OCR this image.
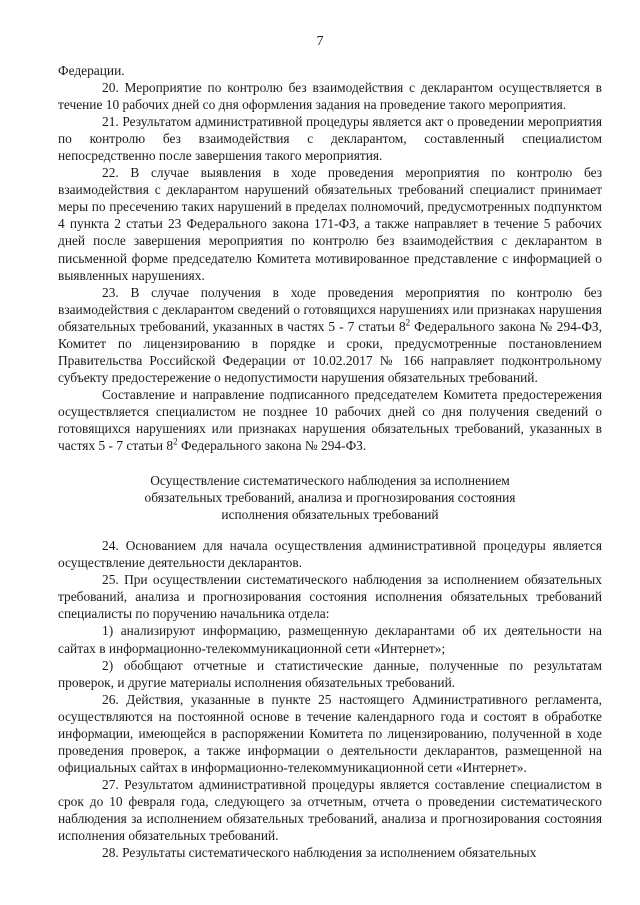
7

Федерации.

20. Мероприятие по контролю без взаимодействия с декларантом осуществляется в течение 10 рабочих дней со дня оформления задания на проведение такого мероприятия.

21. Результатом административной процедуры является акт о проведении мероприятия по контролю без взаимодействия с декларантом, составленный специалистом непосредственно после завершения такого мероприятия.

22. В случае выявления в ходе проведения мероприятия по контролю без взаимодействия с декларантом нарушений обязательных требований специалист принимает меры по пресечению таких нарушений в пределах полномочий, предусмотренных подпунктом 4 пункта 2 статьи 23 Федерального закона 171-ФЗ, а также направляет в течение 5 рабочих дней после завершения мероприятия по контролю без взаимодействия с декларантом в письменной форме председателю Комитета мотивированное представление с информацией о выявленных нарушениях.

23. В случае получения в ходе проведения мероприятия по контролю без взаимодействия с декларантом сведений о готовящихся нарушениях или признаках нарушения обязательных требований, указанных в частях 5 - 7 статьи $8^2$ Федерального закона № 294-ФЗ, Комитет по лицензированию в порядке и сроки, предусмотренные постановлением Правительства Российской Федерации от 10.02.2017 № 166 направляет подконтрольному субъекту предостережение о недопустимости нарушения обязательных требований.

Составление и направление подписанного председателем Комитета предостережения осуществляется специалистом не позднее 10 рабочих дней со дня получения сведений о готовящихся нарушениях или признаках нарушения обязательных требований, указанных в частях 5 - 7 статьи $8^2$ Федерального закона № 294-ФЗ.

Осуществление систематического наблюдения за исполнением
обязательных требований, анализа и прогнозирования состояния
исполнения обязательных требований

24. Основанием для начала осуществления административной процедуры является осуществление деятельности декларантов.

25. При осуществлении систематического наблюдения за исполнением обязательных требований, анализа и прогнозирования состояния исполнения обязательных требований специалисты по поручению начальника отдела:

1) анализируют информацию, размещенную декларантами об их деятельности на сайтах в информационно-телекоммуникационной сети «Интернет»;

2) обобщают отчетные и статистические данные, полученные по результатам проверок, и другие материалы исполнения обязательных требований.

26. Действия, указанные в пункте 25 настоящего Административного регламента, осуществляются на постоянной основе в течение календарного года и состоят в обработке информации, имеющейся в распоряжении Комитета по лицензированию, полученной в ходе проведения проверок, а также информации о деятельности декларантов, размещенной на официальных сайтах в информационно-телекоммуникационной сети «Интернет».

27. Результатом административной процедуры является составление специалистом в срок до 10 февраля года, следующего за отчетным, отчета о проведении систематического наблюдения за исполнением обязательных требований, анализа и прогнозирования состояния исполнения обязательных требований.

28. Результаты систематического наблюдения за исполнением обязательных
